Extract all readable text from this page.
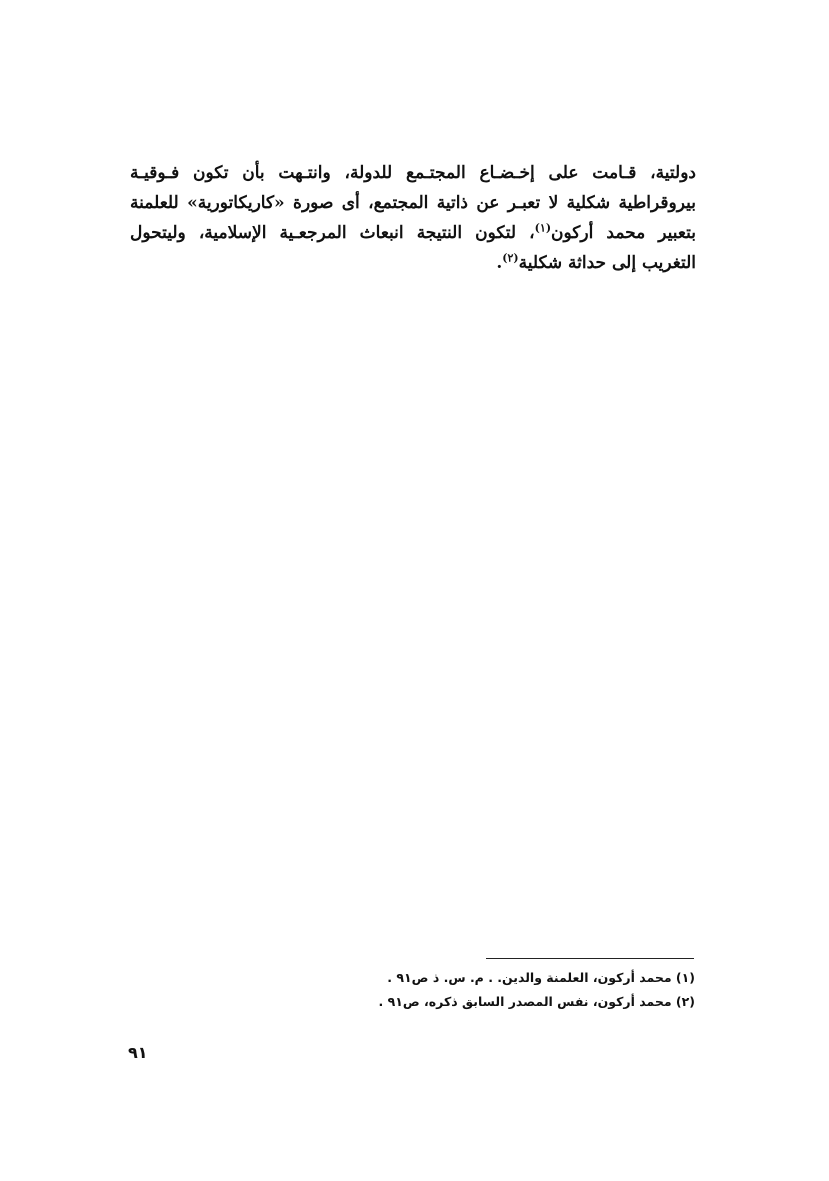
دولتية، قـامت على إخـضـاع المجتـمع للدولة، وانتـهت بأن تكون فـوقيـة
بيروقراطية شكلية لا تعبـر عن ذاتية المجتمع، أى صورة «كاريكاتورية» للعلمنة
بتعبير محمد أركون$^{(١)}$، لتكون النتيجة انبعاث المرجعـية الإسلامية، وليتحول
التغريب إلى حداثة شكلية$^{(٢)}$.
(١) محمد أركون، العلمنة والدين. . م. س. ذ ص٩١ .
(٢) محمد أركون، نفس المصدر السابق ذكره، ص٩١ .
٩١
